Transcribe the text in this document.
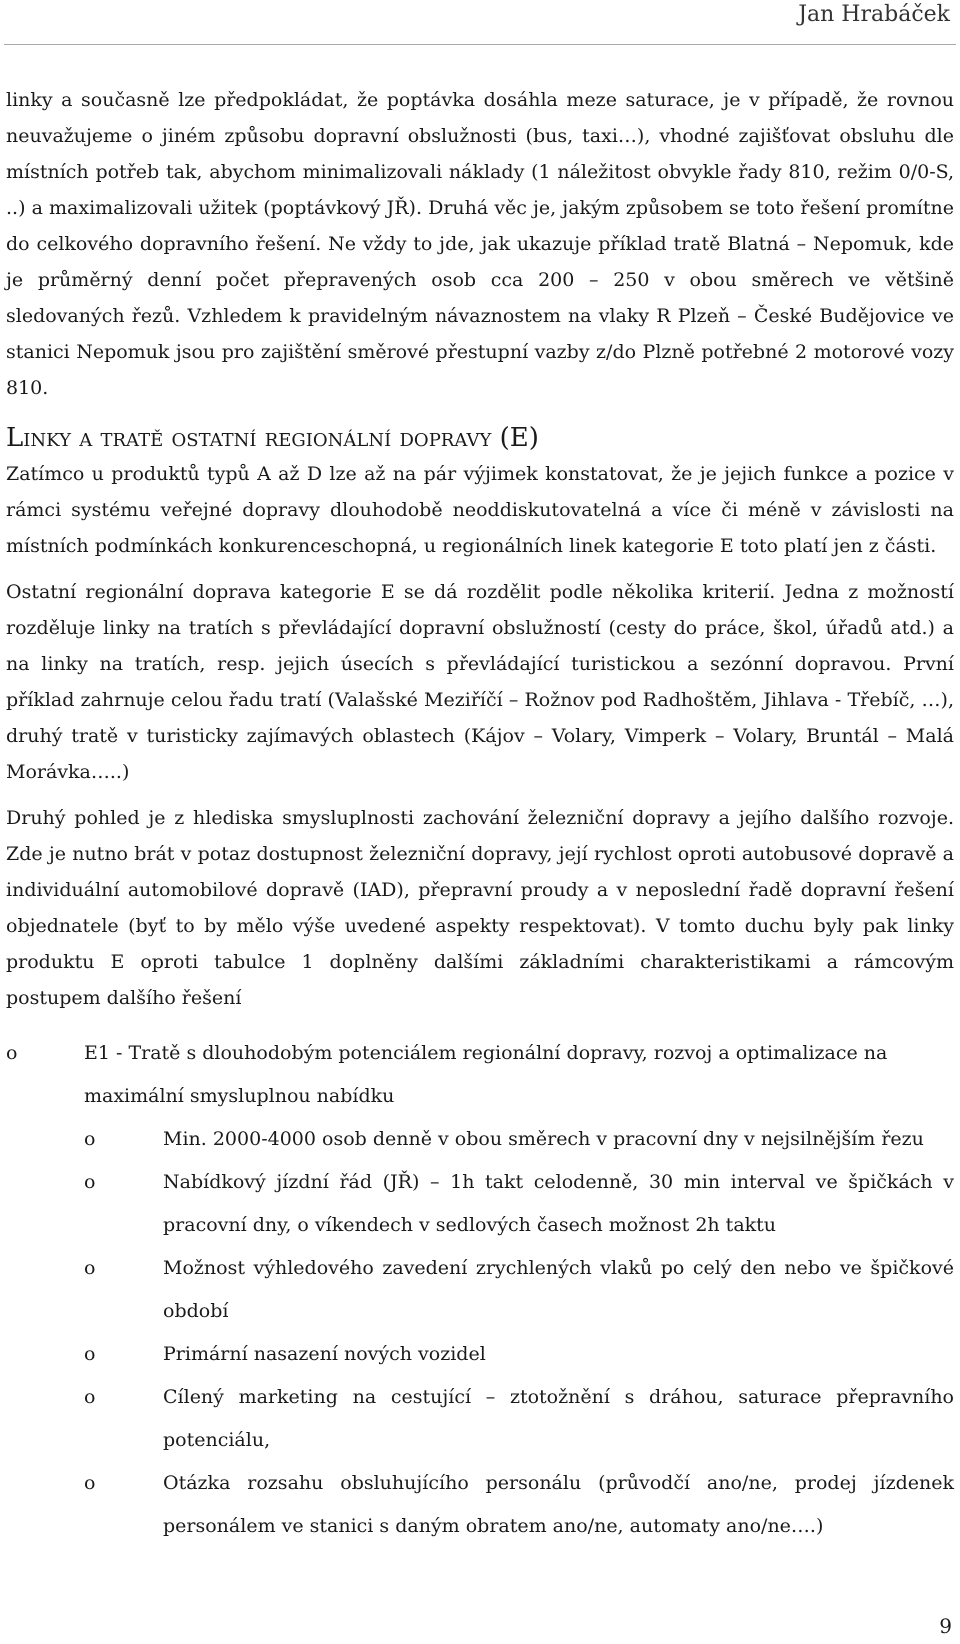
Jan Hrabáček

linky a současně lze předpokládat, že poptávka dosáhla meze saturace, je v případě, že rovnou neuvažujeme o jiném způsobu dopravní obslužnosti (bus, taxi…), vhodné zajišťovat obsluhu dle místních potřeb tak, abychom minimalizovali náklady (1 náležitost obvykle řady 810, režim 0/0-S, ..) a maximalizovali užitek (poptávkový JŘ). Druhá věc je, jakým způsobem se toto řešení promítne do celkového dopravního řešení. Ne vždy to jde, jak ukazuje příklad tratě Blatná – Nepomuk, kde je průměrný denní počet přepravených osob cca 200 – 250 v obou směrech ve většině sledovaných řezů. Vzhledem k pravidelným návaznostem na vlaky R Plzeň – České Budějovice ve stanici Nepomuk jsou pro zajištění směrové přestupní vazby z/do Plzně potřebné 2 motorové vozy 810.

Linky a tratě ostatní regionální dopravy (E)

Zatímco u produktů typů A až D lze až na pár výjimek konstatovat, že je jejich funkce a pozice v rámci systému veřejné dopravy dlouhodobě neoddiskutovatelná a více či méně v závislosti na místních podmínkách konkurenceschopná, u regionálních linek kategorie E toto platí jen z části.

Ostatní regionální doprava kategorie E se dá rozdělit podle několika kriterií. Jedna z možností rozděluje linky na tratích s převládající dopravní obslužností (cesty do práce, škol, úřadů atd.) a na linky na tratích, resp. jejich úsecích s převládající turistickou a sezónní dopravou. První příklad zahrnuje celou řadu tratí (Valašské Meziříčí – Rožnov pod Radhoštěm, Jihlava - Třebíč, …), druhý tratě v turisticky zajímavých oblastech (Kájov – Volary, Vimperk – Volary, Bruntál – Malá Morávka…..)

Druhý pohled je z hlediska smysluplnosti zachování železniční dopravy a jejího dalšího rozvoje. Zde je nutno brát v potaz dostupnost železniční dopravy, její rychlost oproti autobusové dopravě a individuální automobilové dopravě (IAD), přepravní proudy a v neposlední řadě dopravní řešení objednatele (byť to by mělo výše uvedené aspekty respektovat). V tomto duchu byly pak linky produktu E oproti tabulce 1 doplněny dalšími základními charakteristikami a rámcovým postupem dalšího řešení

o	E1 - Tratě s dlouhodobým potenciálem regionální dopravy, rozvoj a optimalizace na maximální smysluplnou nabídku
o	Min. 2000-4000 osob denně v obou směrech v pracovní dny v nejsilnějším řezu
o	Nabídkový jízdní řád (JŘ) – 1h takt celodenně, 30 min interval ve špičkách v pracovní dny, o víkendech v sedlových časech možnost 2h taktu
o	Možnost výhledového zavedení zrychlených vlaků po celý den nebo ve špičkové období
o	Primární nasazení nových vozidel
o	Cílený marketing na cestující – ztotožnění s dráhou, saturace přepravního potenciálu,
o	Otázka rozsahu obsluhujícího personálu (průvodčí ano/ne, prodej jízdenek personálem ve stanici s daným obratem ano/ne, automaty ano/ne….)
9
